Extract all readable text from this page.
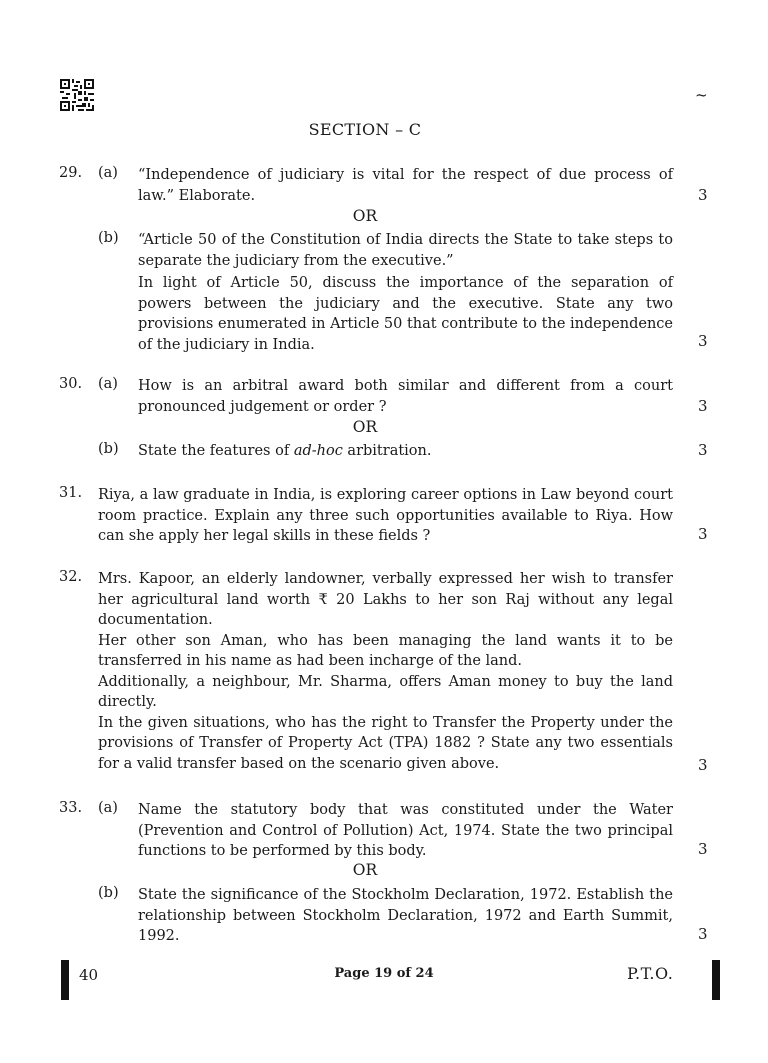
~
SECTION – C
29. (a) “Independence of judiciary is vital for the respect of due process of law.” Elaborate.	3
OR
(b) “Article 50 of the Constitution of India directs the State to take steps to separate the judiciary from the executive.”

In light of Article 50, discuss the importance of the separation of powers between the judiciary and the executive. State any two provisions enumerated in Article 50 that contribute to the independence of the judiciary in India.	3
30. (a) How is an arbitral award both similar and different from a court pronounced judgement or order ?	3
OR
(b) State the features of ad-hoc arbitration.	3
31. Riya, a law graduate in India, is exploring career options in Law beyond court room practice. Explain any three such opportunities available to Riya. How can she apply her legal skills in these fields ?	3
32. Mrs. Kapoor, an elderly landowner, verbally expressed her wish to transfer her agricultural land worth ₹ 20 Lakhs to her son Raj without any legal documentation.

Her other son Aman, who has been managing the land wants it to be transferred in his name as had been incharge of the land.

Additionally, a neighbour, Mr. Sharma, offers Aman money to buy the land directly.

In the given situations, who has the right to Transfer the Property under the provisions of Transfer of Property Act (TPA) 1882 ? State any two essentials for a valid transfer based on the scenario given above.	3
33. (a) Name the statutory body that was constituted under the Water (Prevention and Control of Pollution) Act, 1974. State the two principal functions to be performed by this body.	3
OR
(b) State the significance of the Stockholm Declaration, 1972. Establish the relationship between Stockholm Declaration, 1972 and Earth Summit, 1992.	3
40	Page 19 of 24	P.T.O.
